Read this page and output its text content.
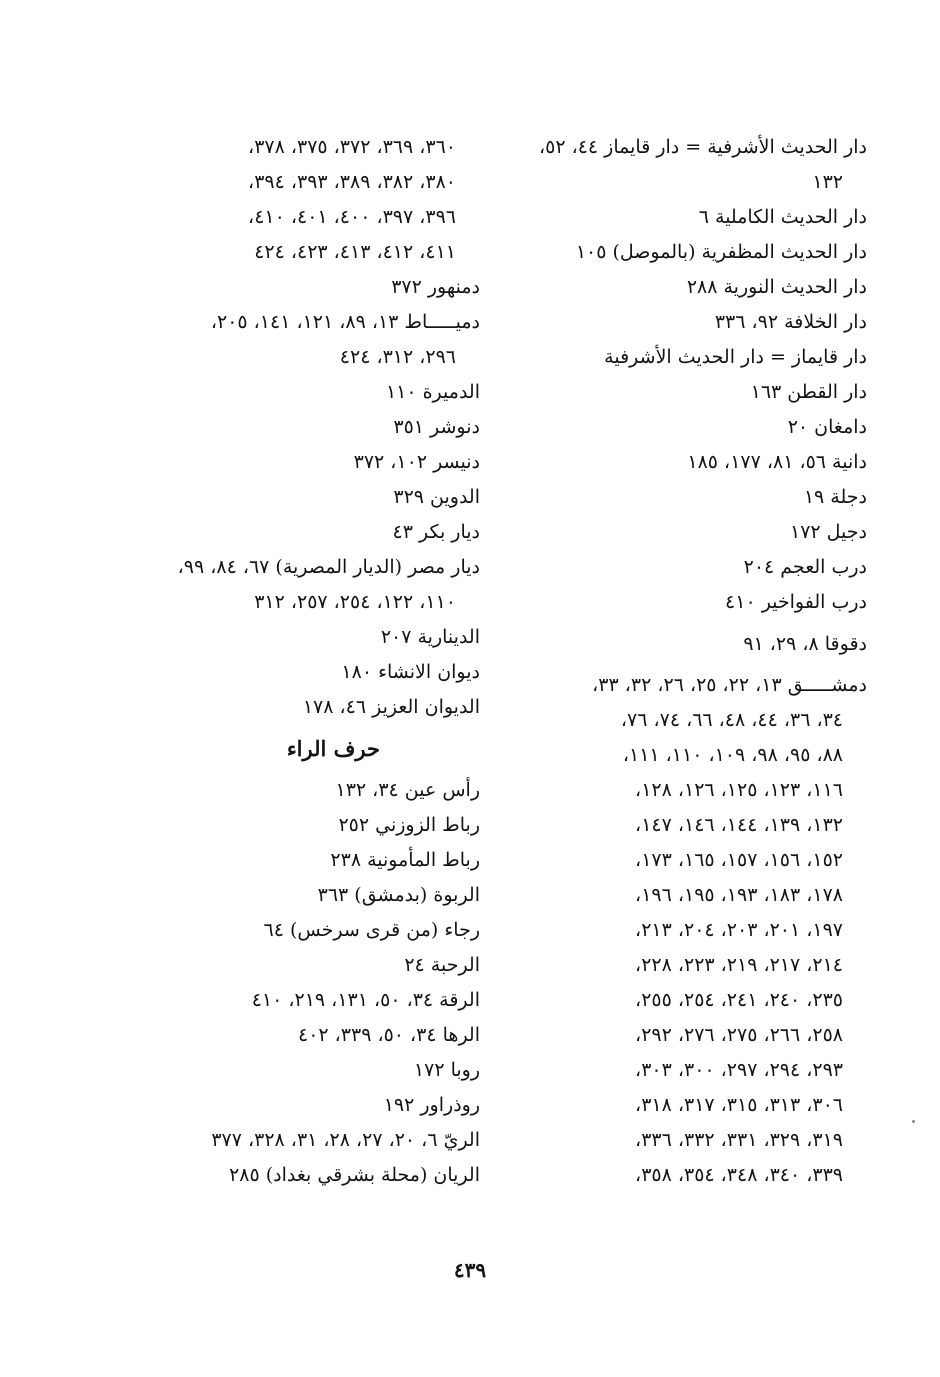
دار الحديث الأشرفية = دار قايماز ٤٤، ٥٢،
١٣٢
دار الحديث الكاملية ٦
دار الحديث المظفرية (بالموصل) ١٠٥
دار الحديث النورية ٢٨٨
دار الخلافة ٩٢، ٣٣٦
دار قايماز = دار الحديث الأشرفية
دار القطن ١٦٣
دامغان ٢٠
دانية ٥٦، ٨١، ١٧٧، ١٨٥
دجلة ١٩
دجيل ١٧٢
درب العجم ٢٠٤
درب الفواخير ٤١٠
دقوقا ٨، ٢٩، ٩١
دمشـــــق ١٣، ٢٢، ٢٥، ٢٦، ٣٢، ٣٣،
٣٤، ٣٦، ٤٤، ٤٨، ٦٦، ٧٤، ٧٦،
٨٨، ٩٥، ٩٨، ١٠٩، ١١٠، ١١١،
١١٦، ١٢٣، ١٢٥، ١٢٦، ١٢٨،
١٣٢، ١٣٩، ١٤٤، ١٤٦، ١٤٧،
١٥٢، ١٥٦، ١٥٧، ١٦٥، ١٧٣،
١٧٨، ١٨٣، ١٩٣، ١٩٥، ١٩٦،
١٩٧، ٢٠١، ٢٠٣، ٢٠٤، ٢١٣،
٢١٤، ٢١٧، ٢١٩، ٢٢٣، ٢٢٨،
٢٣٥، ٢٤٠، ٢٤١، ٢٥٤، ٢٥٥،
٢٥٨، ٢٦٦، ٢٧٥، ٢٧٦، ٢٩٢،
٢٩٣، ٢٩٤، ٢٩٧، ٣٠٠، ٣٠٣،
٣٠٦، ٣١٣، ٣١٥، ٣١٧، ٣١٨،
٣١٩، ٣٢٩، ٣٣١، ٣٣٢، ٣٣٦،
٣٣٩، ٣٤٠، ٣٤٨، ٣٥٤، ٣٥٨،
٣٦٠، ٣٦٩، ٣٧٢، ٣٧٥، ٣٧٨،
٣٨٠، ٣٨٢، ٣٨٩، ٣٩٣، ٣٩٤،
٣٩٦، ٣٩٧، ٤٠٠، ٤٠١، ٤١٠،
٤١١، ٤١٢، ٤١٣، ٤٢٣، ٤٢٤
دمنهور ٣٧٢
دميـــــاط ١٣، ٨٩، ١٢١، ١٤١، ٢٠٥،
٢٩٦، ٣١٢، ٤٢٤
الدميرة ١١٠
دنوشر ٣٥١
دنيسر ١٠٢، ٣٧٢
الدوين ٣٢٩
ديار بكر ٤٣
ديار مصر (الديار المصرية) ٦٧، ٨٤، ٩٩،
١١٠، ١٢٢، ٢٥٤، ٢٥٧، ٣١٢
الدينارية ٢٠٧
ديوان الانشاء ١٨٠
الديوان العزيز ٤٦، ١٧٨
حرف الراء
رأس عين ٣٤، ١٣٢
رباط الزوزني ٢٥٢
رباط المأمونية ٢٣٨
الربوة (بدمشق) ٣٦٣
رجاء (من قرى سرخس) ٦٤
الرحبة ٢٤
الرقة ٣٤، ٥٠، ١٣١، ٢١٩، ٤١٠
الرها ٣٤، ٥٠، ٣٣٩، ٤٠٢
روبا ١٧٢
روذراور ١٩٢
الريّ ٦، ٢٠، ٢٧، ٢٨، ٣١، ٣٢٨، ٣٧٧
الريان (محلة بشرقي بغداد) ٢٨٥
٤٣٩
